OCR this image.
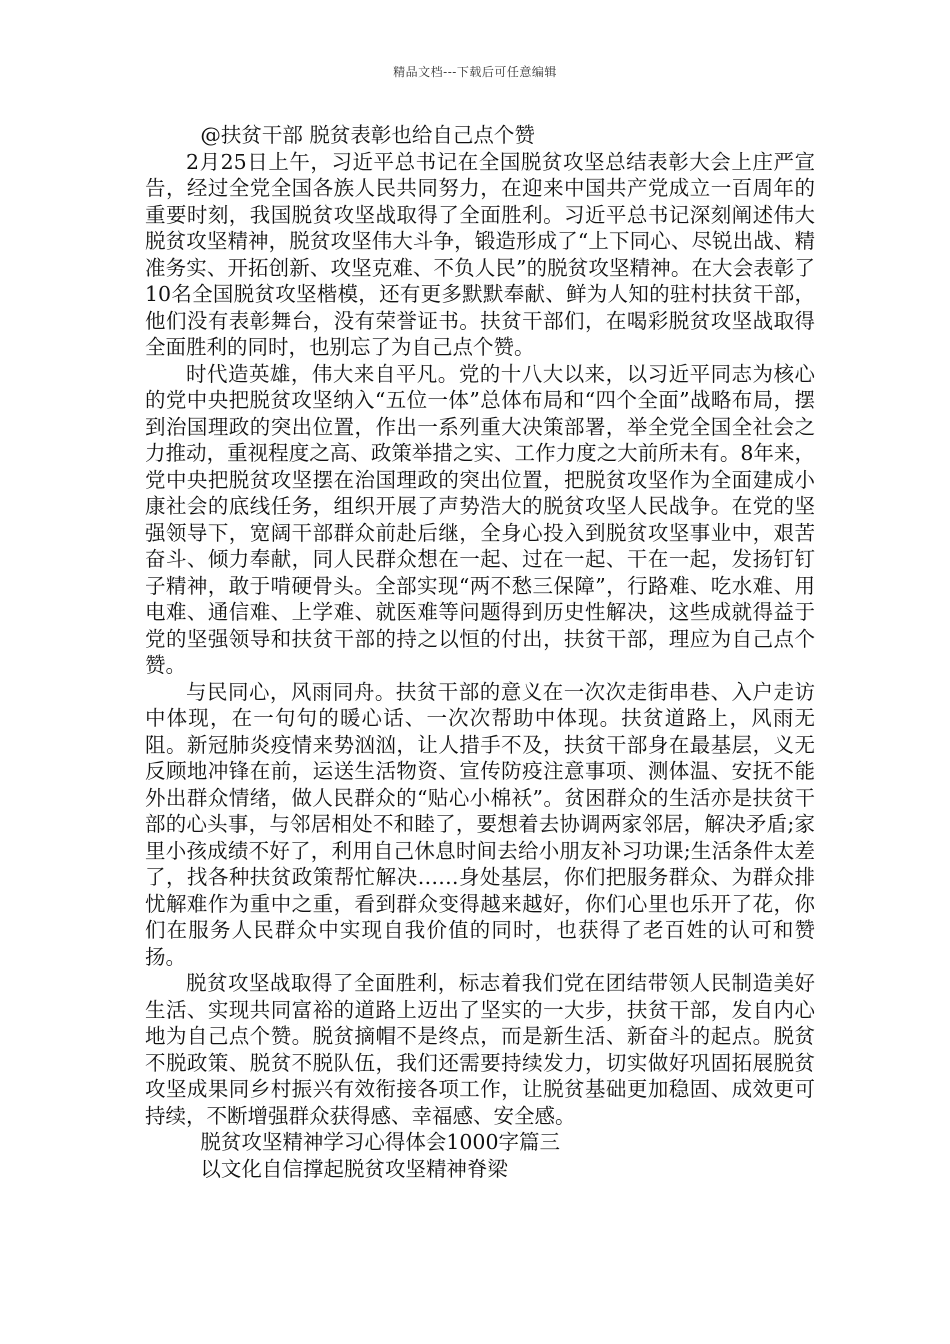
精品文档---下载后可任意编辑

@扶贫干部 脱贫表彰也给自己点个赞

2月25日上午，习近平总书记在全国脱贫攻坚总结表彰大会上庄严宣告，经过全党全国各族人民共同努力，在迎来中国共产党成立一百周年的重要时刻，我国脱贫攻坚战取得了全面胜利。习近平总书记深刻阐述伟大脱贫攻坚精神，脱贫攻坚伟大斗争，锻造形成了“上下同心、尽锐出战、精准务实、开拓创新、攻坚克难、不负人民”的脱贫攻坚精神。在大会表彰了10名全国脱贫攻坚楷模，还有更多默默奉献、鲜为人知的驻村扶贫干部，他们没有表彰舞台，没有荣誉证书。扶贫干部们，在喝彩脱贫攻坚战取得全面胜利的同时，也别忘了为自己点个赞。

时代造英雄，伟大来自平凡。党的十八大以来，以习近平同志为核心的党中央把脱贫攻坚纳入“五位一体”总体布局和“四个全面”战略布局，摆到治国理政的突出位置，作出一系列重大决策部署，举全党全国全社会之力推动，重视程度之高、政策举措之实、工作力度之大前所未有。8年来，党中央把脱贫攻坚摆在治国理政的突出位置，把脱贫攻坚作为全面建成小康社会的底线任务，组织开展了声势浩大的脱贫攻坚人民战争。在党的坚强领导下，宽阔干部群众前赴后继，全身心投入到脱贫攻坚事业中，艰苦奋斗、倾力奉献，同人民群众想在一起、过在一起、干在一起，发扬钉钉子精神，敢于啃硬骨头。全部实现“两不愁三保障”，行路难、吃水难、用电难、通信难、上学难、就医难等问题得到历史性解决，这些成就得益于党的坚强领导和扶贫干部的持之以恒的付出，扶贫干部，理应为自己点个赞。

与民同心，风雨同舟。扶贫干部的意义在一次次走街串巷、入户走访中体现，在一句句的暖心话、一次次帮助中体现。扶贫道路上，风雨无阻。新冠肺炎疫情来势汹汹，让人措手不及，扶贫干部身在最基层，义无反顾地冲锋在前，运送生活物资、宣传防疫注意事项、测体温、安抚不能外出群众情绪，做人民群众的“贴心小棉袄”。贫困群众的生活亦是扶贫干部的心头事，与邻居相处不和睦了，要想着去协调两家邻居，解决矛盾;家里小孩成绩不好了，利用自己休息时间去给小朋友补习功课;生活条件太差了，找各种扶贫政策帮忙解决……身处基层，你们把服务群众、为群众排忧解难作为重中之重，看到群众变得越来越好，你们心里也乐开了花，你们在服务人民群众中实现自我价值的同时，也获得了老百姓的认可和赞扬。

脱贫攻坚战取得了全面胜利，标志着我们党在团结带领人民制造美好生活、实现共同富裕的道路上迈出了坚实的一大步，扶贫干部，发自内心地为自己点个赞。脱贫摘帽不是终点，而是新生活、新奋斗的起点。脱贫不脱政策、脱贫不脱队伍，我们还需要持续发力，切实做好巩固拓展脱贫攻坚成果同乡村振兴有效衔接各项工作，让脱贫基础更加稳固、成效更可持续，不断增强群众获得感、幸福感、安全感。

脱贫攻坚精神学习心得体会1000字篇三

以文化自信撑起脱贫攻坚精神脊梁
